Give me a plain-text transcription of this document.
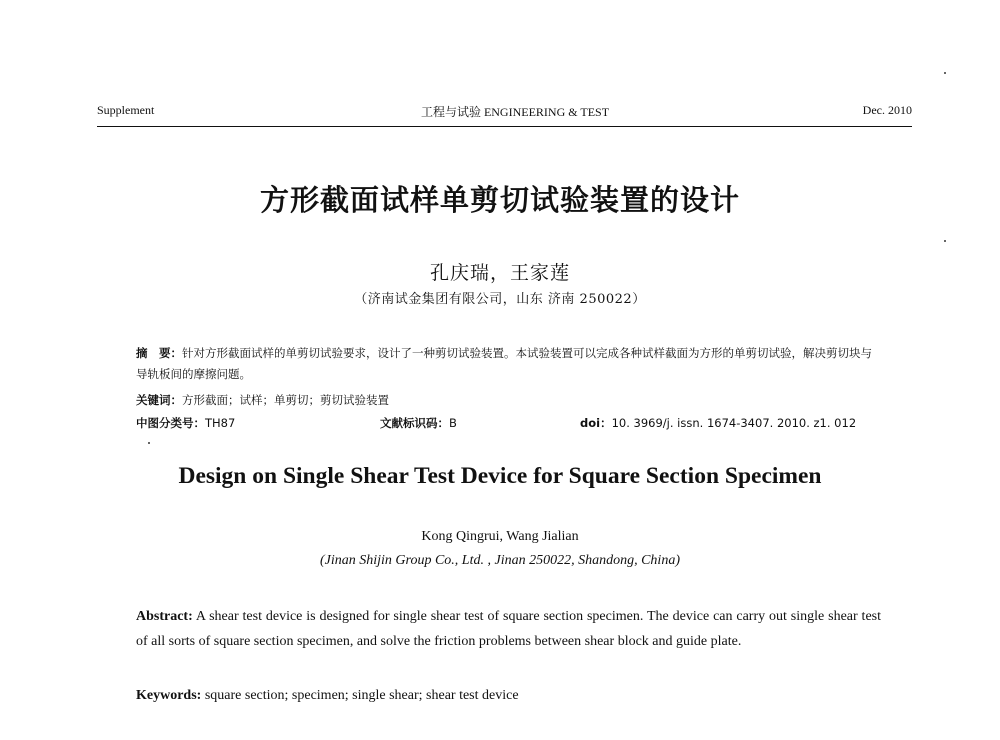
Supplement	工程与试验 ENGINEERING & TEST	Dec. 2010
方形截面试样单剪切试验装置的设计
孔庆瑞，王家莲
（济南试金集团有限公司，山东 济南 250022）
摘　要：针对方形截面试样的单剪切试验要求，设计了一种剪切试验装置。本试验装置可以完成各种试样截面为方形的单剪切试验，解决剪切块与导轨板间的摩擦问题。
关键词：方形截面；试样；单剪切；剪切试验装置
中图分类号：TH87	文献标识码：B	doi：10. 3969/j. issn. 1674-3407. 2010. z1. 012
Design on Single Shear Test Device for Square Section Specimen
Kong Qingrui, Wang Jialian
(Jinan Shijin Group Co., Ltd. , Jinan 250022, Shandong, China)
Abstract: A shear test device is designed for single shear test of square section specimen. The device can carry out single shear test of all sorts of square section specimen, and solve the friction problems between shear block and guide plate.
Keywords: square section; specimen; single shear; shear test device
